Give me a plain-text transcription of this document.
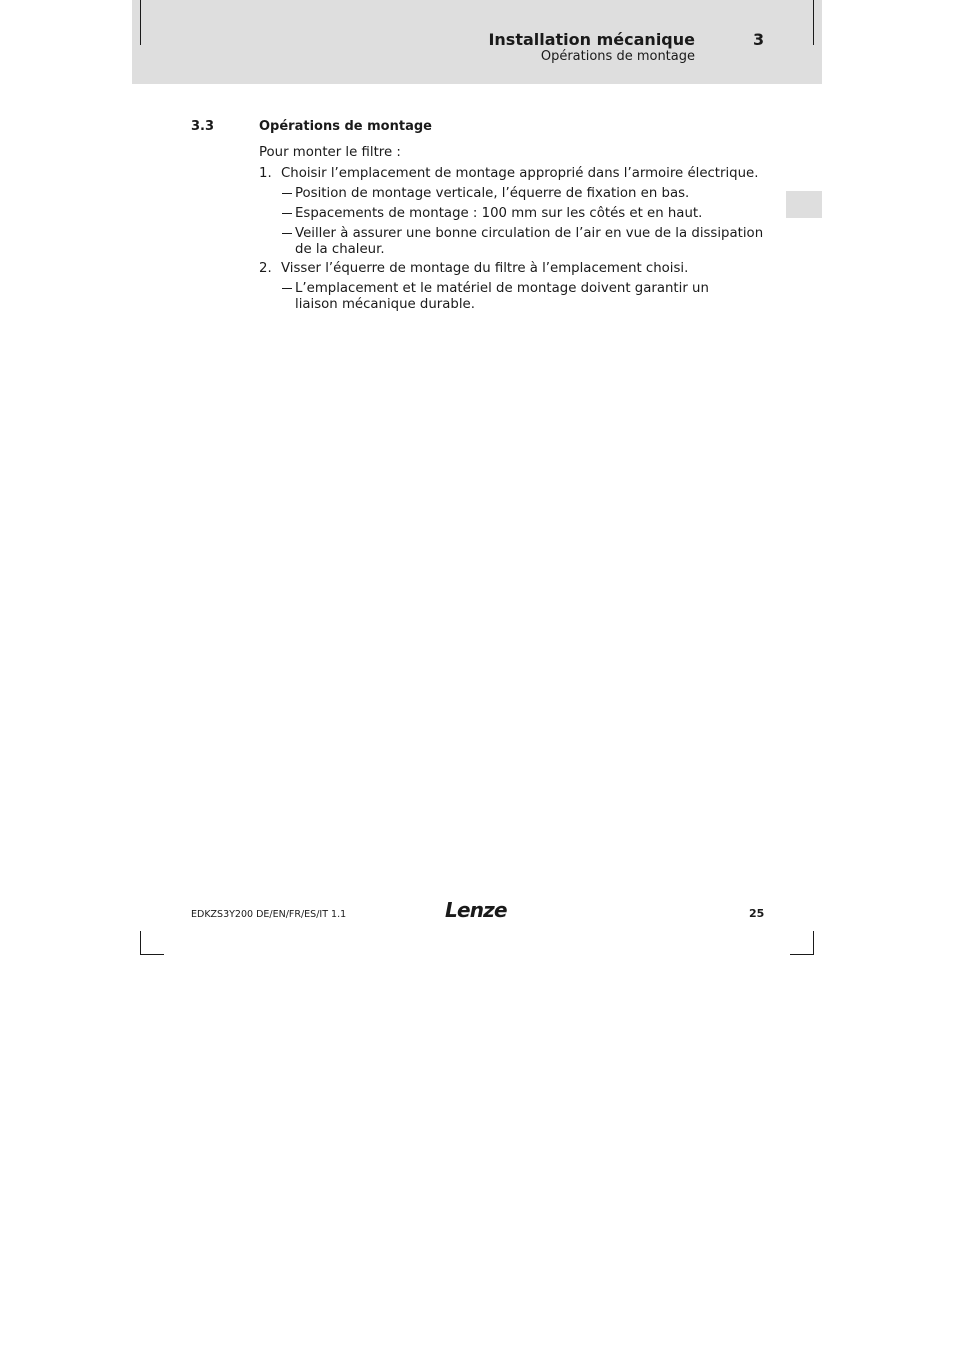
Installation mécanique	3
Opérations de montage
3.3	Opérations de montage
Pour monter le filtre :
1. Choisir l’emplacement de montage approprié dans l’armoire électrique.
Position de montage verticale, l’équerre de fixation en bas.
Espacements de montage : 100 mm sur les côtés et en haut.
Veiller à assurer une bonne circulation de l’air en vue de la dissipation de la chaleur.
2. Visser l’équerre de montage du filtre à l’emplacement choisi.
L’emplacement et le matériel de montage doivent garantir un liaison mécanique durable.
EDKZS3Y200 DE/EN/FR/ES/IT 1.1	Lenze	25
